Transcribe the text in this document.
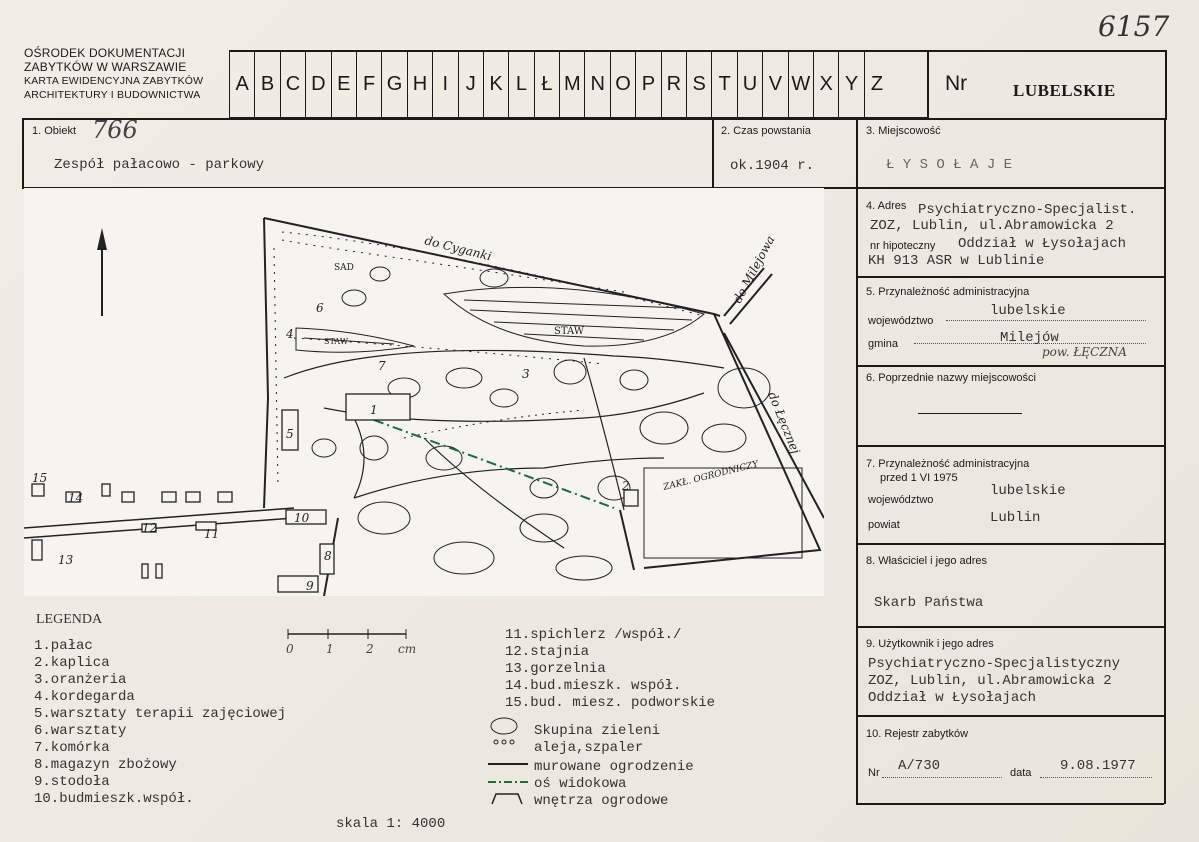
6157
OŚRODEK DOKUMENTACJI
ZABYTKÓW W WARSZAWIE
KARTA EWIDENCYJNA ZABYTKÓW
ARCHITEKTURY I BUDOWNICTWA	A B C D E F G H I J K L Ł M N O P R S T U V W X Y Z	Nr	LUBELSKIE
1. Obiekt 766
Zespół pałacowo - parkowy
2. Czas powstania
ok.1904 r.
3. Miejscowość
Ł Y S O Ł A J E
4. Adres Psychiatryczno-Specjalist.
ZOZ, Lublin, ul.Abramowicka 2
nr hipoteczny Oddział w Łysołajach
KH 913 ASR w Lublinie
5. Przynależność administracyjna
województwo
lubelskie
gmina	Milejów
pow. ŁĘCZNA
6. Poprzednie nazwy miejscowości
7. Przynależność administracyjna
przed 1 VI 1975
województwo
lubelskie
powiat	Lublin
8. Właściciel i jego adres
Skarb Państwa
9. Użytkownik i jego adres
Psychiatryczno-Specjalistyczny
ZOZ, Lublin, ul.Abramowicka 2
Oddział w Łysołajach
10. Rejestr zabytków
Nr A/730	data 9.08.1977
do Cyganki	do Milejowa
do Łęcznej
ZAKŁ. OGRODNICZY
STAW
STAW
SAD
1
2
3
4
5
6
7
8
9
10
11
12
13
14
15
LEGENDA
1.pałac
2.kaplica
3.oranżeria
4.kordegarda
5.warsztaty terapii zajęciowej
6.warsztaty
7.komórka
8.magazyn zbożowy
9.stodoła
10.budmieszk.współ.
11.spichlerz /współ./
12.stajnia
13.gorzelnia
14.bud.mieszk. współ.
15.bud. miesz. podworskie
Skupina zieleni
aleja,szpaler
murowane ogrodzenie
oś widokowa
wnętrza ogrodowe
0	1	2 cm
skala 1: 4000
